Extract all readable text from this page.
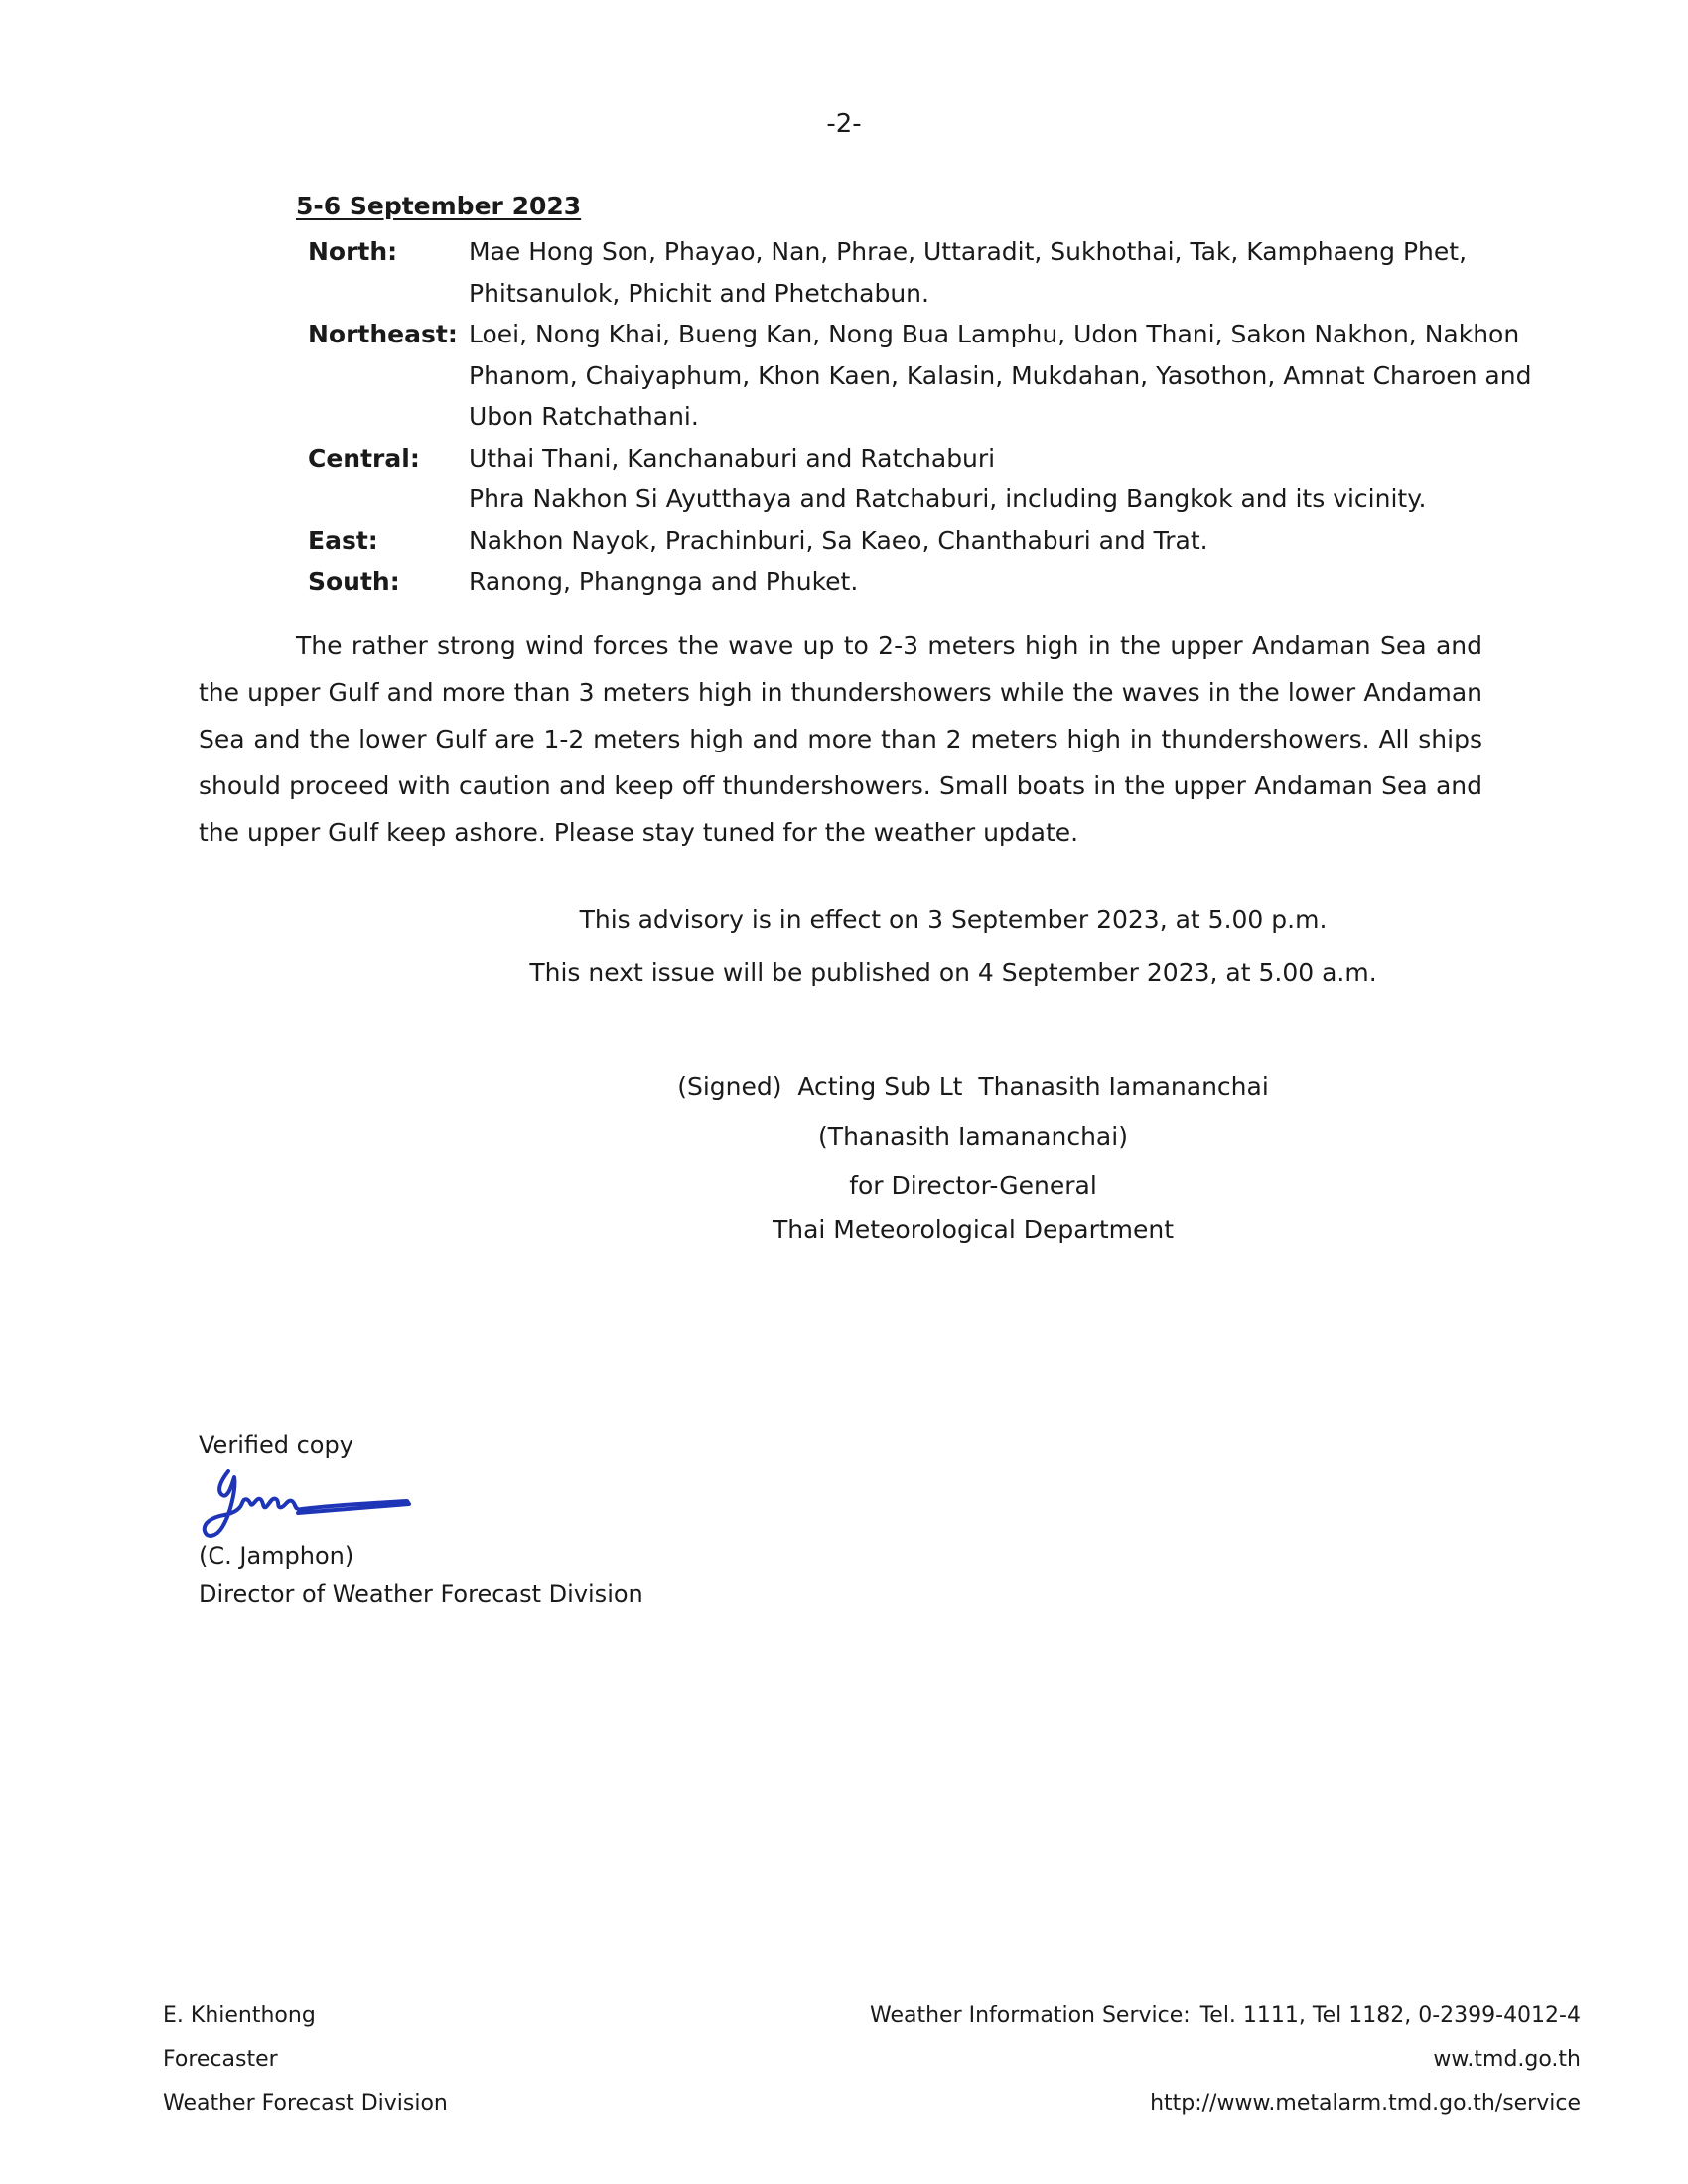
-2-
5-6 September 2023
North:	Mae Hong Son, Phayao, Nan, Phrae, Uttaradit, Sukhothai, Tak, Kamphaeng Phet,
Phitsanulok, Phichit and Phetchabun.
Northeast: Loei, Nong Khai, Bueng Kan, Nong Bua Lamphu, Udon Thani, Sakon Nakhon, Nakhon
Phanom, Chaiyaphum, Khon Kaen, Kalasin, Mukdahan, Yasothon, Amnat Charoen and
Ubon Ratchathani.
Central:	Uthai Thani, Kanchanaburi and Ratchaburi
Phra Nakhon Si Ayutthaya and Ratchaburi, including Bangkok and its vicinity.
East:	Nakhon Nayok, Prachinburi, Sa Kaeo, Chanthaburi and Trat.
South:	Ranong, Phangnga and Phuket.

The rather strong wind forces the wave up to 2-3 meters high in the upper Andaman Sea and the upper Gulf and more than 3 meters high in thundershowers while the waves in the lower Andaman Sea and the lower Gulf are 1-2 meters high and more than 2 meters high in thundershowers. All ships should proceed with caution and keep off thundershowers. Small boats in the upper Andaman Sea and the upper Gulf keep ashore. Please stay tuned for the weather update.

This advisory is in effect on 3 September 2023, at 5.00 p.m.
This next issue will be published on 4 September 2023, at 5.00 a.m.
(Signed)  Acting Sub Lt  Thanasith Iamananchai
(Thanasith Iamananchai)
for Director-General
Thai Meteorological Department
Verified copy
(C. Jamphon)
Director of Weather Forecast Division
E. Khienthong
Forecaster
Weather Forecast Division
Weather Information Service: Tel. 1111, Tel 1182, 0-2399-4012-4
ww.tmd.go.th
http://www.metalarm.tmd.go.th/service
